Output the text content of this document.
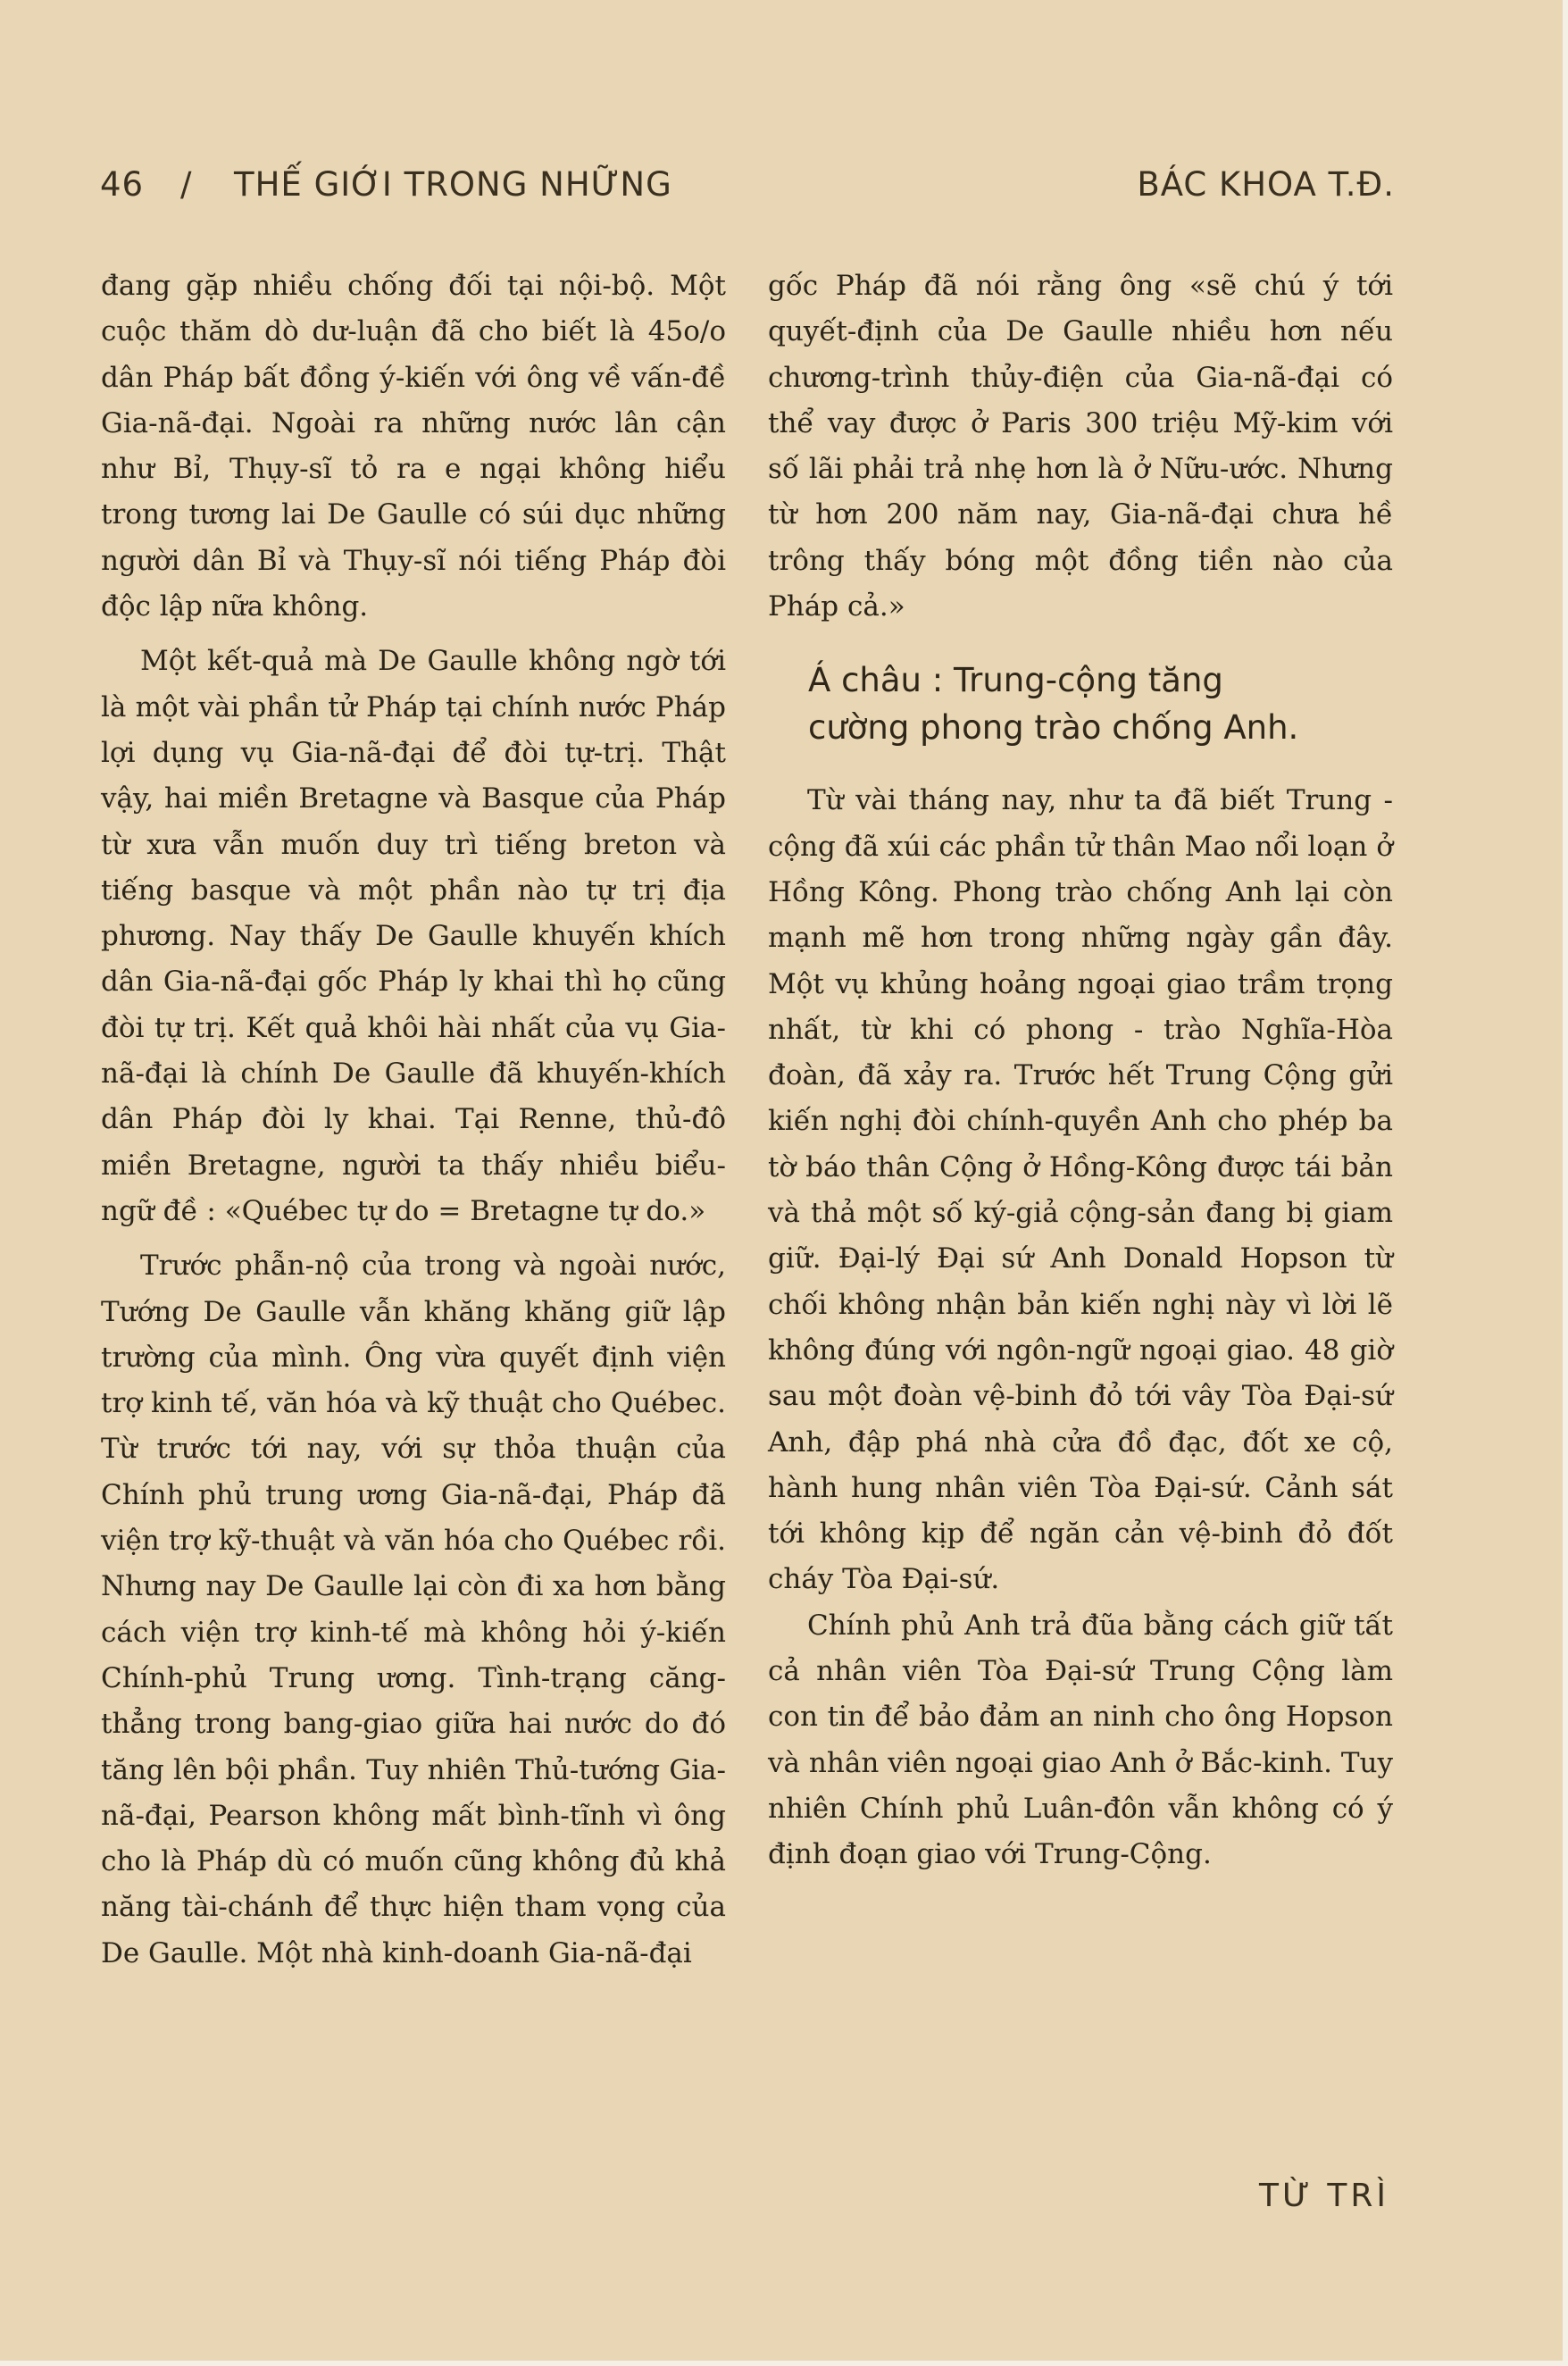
46 / THẾ GIỚI TRONG NHỮNG	BÁC KHOA T.Đ.

đang gặp nhiều chống đối tại nội-bộ. Một cuộc thăm dò dư-luận đã cho biết là 45o/o dân Pháp bất đồng ý-kiến với ông về vấn-đề Gia-nã-đại. Ngoài ra những nước lân cận như Bỉ, Thụy-sĩ tỏ ra e ngại không hiểu trong tương lai De Gaulle có súi dục những người dân Bỉ và Thụy-sĩ nói tiếng Pháp đòi độc lập nữa không.

Một kết-quả mà De Gaulle không ngờ tới là một vài phần tử Pháp tại chính nước Pháp lợi dụng vụ Gia-nã-đại để đòi tự-trị. Thật vậy, hai miền Bretagne và Basque của Pháp từ xưa vẫn muốn duy trì tiếng breton và tiếng basque và một phần nào tự trị địa phương. Nay thấy De Gaulle khuyến khích dân Gia-nã-đại gốc Pháp ly khai thì họ cũng đòi tự trị. Kết quả khôi hài nhất của vụ Gia-nã-đại là chính De Gaulle đã khuyến-khích dân Pháp đòi ly khai. Tại Renne, thủ-đô miền Bretagne, người ta thấy nhiều biểu-ngữ đề : «Québec tự do = Bretagne tự do.»

Trước phẫn-nộ của trong và ngoài nước, Tướng De Gaulle vẫn khăng khăng giữ lập trường của mình. Ông vừa quyết định viện trợ kinh tế, văn hóa và kỹ thuật cho Québec. Từ trước tới nay, với sự thỏa thuận của Chính phủ trung ương Gia-nã-đại, Pháp đã viện trợ kỹ-thuật và văn hóa cho Québec rồi. Nhưng nay De Gaulle lại còn đi xa hơn bằng cách viện trợ kinh-tế mà không hỏi ý-kiến Chính-phủ Trung ương. Tình-trạng căng-thẳng trong bang-giao giữa hai nước do đó tăng lên bội phần. Tuy nhiên Thủ-tướng Gia-nã-đại, Pearson không mất bình-tĩnh vì ông cho là Pháp dù có muốn cũng không đủ khả năng tài-chánh để thực hiện tham vọng của De Gaulle. Một nhà kinh-doanh Gia-nã-đại

gốc Pháp đã nói rằng ông «sẽ chú ý tới quyết-định của De Gaulle nhiều hơn nếu chương-trình thủy-điện của Gia-nã-đại có thể vay được ở Paris 300 triệu Mỹ-kim với số lãi phải trả nhẹ hơn là ở Nữu-ước. Nhưng từ hơn 200 năm nay, Gia-nã-đại chưa hề trông thấy bóng một đồng tiền nào của Pháp cả.»

Á châu : Trung-cộng tăng
cường phong trào chống Anh.

Từ vài tháng nay, như ta đã biết Trung - cộng đã xúi các phần tử thân Mao nổi loạn ở Hồng Kông. Phong trào chống Anh lại còn mạnh mẽ hơn trong những ngày gần đây. Một vụ khủng hoảng ngoại giao trầm trọng nhất, từ khi có phong - trào Nghĩa-Hòa đoàn, đã xảy ra. Trước hết Trung Cộng gửi kiến nghị đòi chính-quyền Anh cho phép ba tờ báo thân Cộng ở Hồng-Kông được tái bản và thả một số ký-giả cộng-sản đang bị giam giữ. Đại-lý Đại sứ Anh Donald Hopson từ chối không nhận bản kiến nghị này vì lời lẽ không đúng với ngôn-ngữ ngoại giao. 48 giờ sau một đoàn vệ-binh đỏ tới vây Tòa Đại-sứ Anh, đập phá nhà cửa đồ đạc, đốt xe cộ, hành hung nhân viên Tòa Đại-sứ. Cảnh sát tới không kịp để ngăn cản vệ-binh đỏ đốt cháy Tòa Đại-sứ.

Chính phủ Anh trả đũa bằng cách giữ tất cả nhân viên Tòa Đại-sứ Trung Cộng làm con tin để bảo đảm an ninh cho ông Hopson và nhân viên ngoại giao Anh ở Bắc-kinh. Tuy nhiên Chính phủ Luân-đôn vẫn không có ý định đoạn giao với Trung-Cộng.

TỪ TRÌ
